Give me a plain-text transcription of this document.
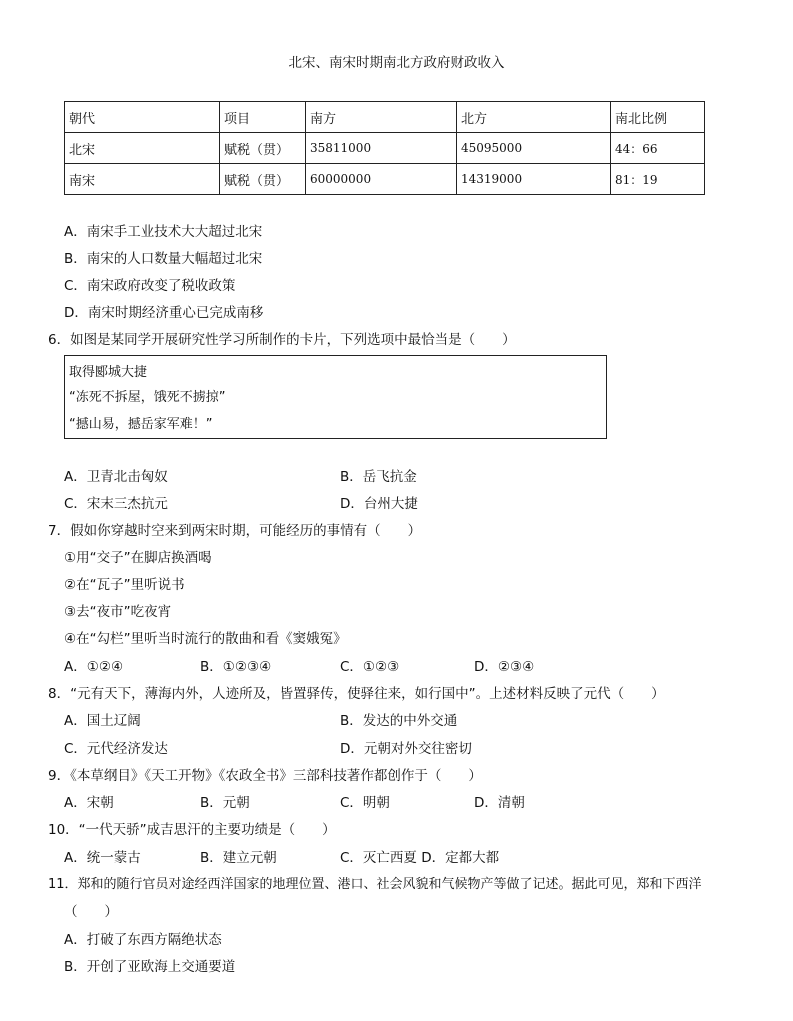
北宋、南宋时期南北方政府财政收入
朝代	项目	南方	北方	南北比例
北宋	赋税（贯）	35811000	45095000	44：66
南宋	赋税（贯）	60000000	14319000	81：19
A．南宋手工业技术大大超过北宋
B．南宋的人口数量大幅超过北宋
C．南宋政府改变了税收政策
D．南宋时期经济重心已完成南移
6．如图是某同学开展研究性学习所制作的卡片，下列选项中最恰当是（　　）
取得郾城大捷
“冻死不拆屋，饿死不掳掠”
“撼山易，撼岳家军难！”
A．卫青北击匈奴	B．岳飞抗金
C．宋末三杰抗元	D．台州大捷
7．假如你穿越时空来到两宋时期，可能经历的事情有（　　）
①用“交子”在脚店换酒喝
②在“瓦子”里听说书
③去“夜市”吃夜宵
④在“勾栏”里听当时流行的散曲和看《窦娥冤》
A．①②④	B．①②③④	C．①②③	D．②③④
8．“元有天下，薄海内外，人迹所及，皆置驿传，使驿往来，如行国中”。上述材料反映了元代（　　）
A．国土辽阔	B．发达的中外交通
C．元代经济发达	D．元朝对外交往密切
9．《本草纲目》《天工开物》《农政全书》三部科技著作都创作于（　　）
A．宋朝	B．元朝	C．明朝	D．清朝
10．“一代天骄”成吉思汗的主要功绩是（　　）
A．统一蒙古	B．建立元朝	C．灭亡西夏 D．定都大都
11．郑和的随行官员对途经西洋国家的地理位置、港口、社会风貌和气候物产等做了记述。据此可见，郑和下西洋
（　　）
A．打破了东西方隔绝状态
B．开创了亚欧海上交通要道
